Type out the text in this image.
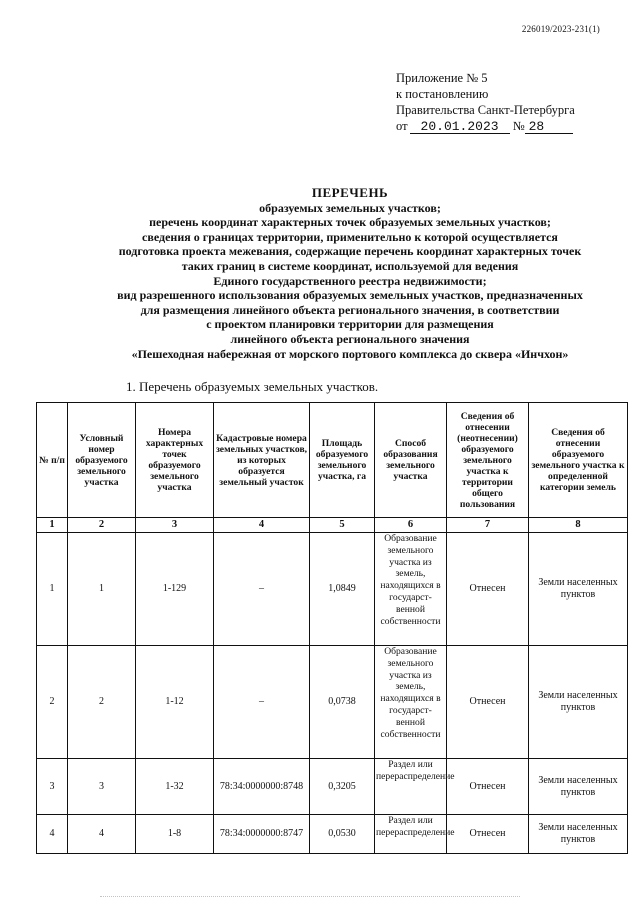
226019/2023-231(1)
Приложение № 5
к постановлению
Правительства Санкт-Петербурга
от 20.01.2023 № 28
ПЕРЕЧЕНЬ
образуемых земельных участков;
перечень координат характерных точек образуемых земельных участков;
сведения о границах территории, применительно к которой осуществляется
подготовка проекта межевания, содержащие перечень координат характерных точек
таких границ в системе координат, используемой для ведения
Единого государственного реестра недвижимости;
вид разрешенного использования образуемых земельных участков, предназначенных
для размещения линейного объекта регионального значения, в соответствии
с проектом планировки территории для размещения
линейного объекта регионального значения
«Пешеходная набережная от морского портового комплекса до сквера «Инчхон»
1. Перечень образуемых земельных участков.
№ п/п	Условный номер образуемого земельного участка	Номера характерных точек образуемого земельного участка	Кадастровые номера земельных участков, из которых образуется земельный участок	Площадь образуемого земельного участка, га	Способ образования земельного участка	Сведения об отнесении (неотнесении) образуемого земельного участка к территории общего пользования	Сведения об отнесении образуемого земельного участка к определенной категории земель
1	2	3	4	5	6	7	8
1	1	1-129	–	1,0849	Образование земельного участка из земель, находящихся в государст-венной собственности	Отнесен	Земли населенных пунктов
2	2	1-12	–	0,0738	Образование земельного участка из земель, находящихся в государст-венной собственности	Отнесен	Земли населенных пунктов
3	3	1-32	78:34:0000000:8748	0,3205	Раздел или перераспределение	Отнесен	Земли населенных пунктов
4	4	1-8	78:34:0000000:8747	0,0530	Раздел или перераспределение	Отнесен	Земли населенных пунктов
